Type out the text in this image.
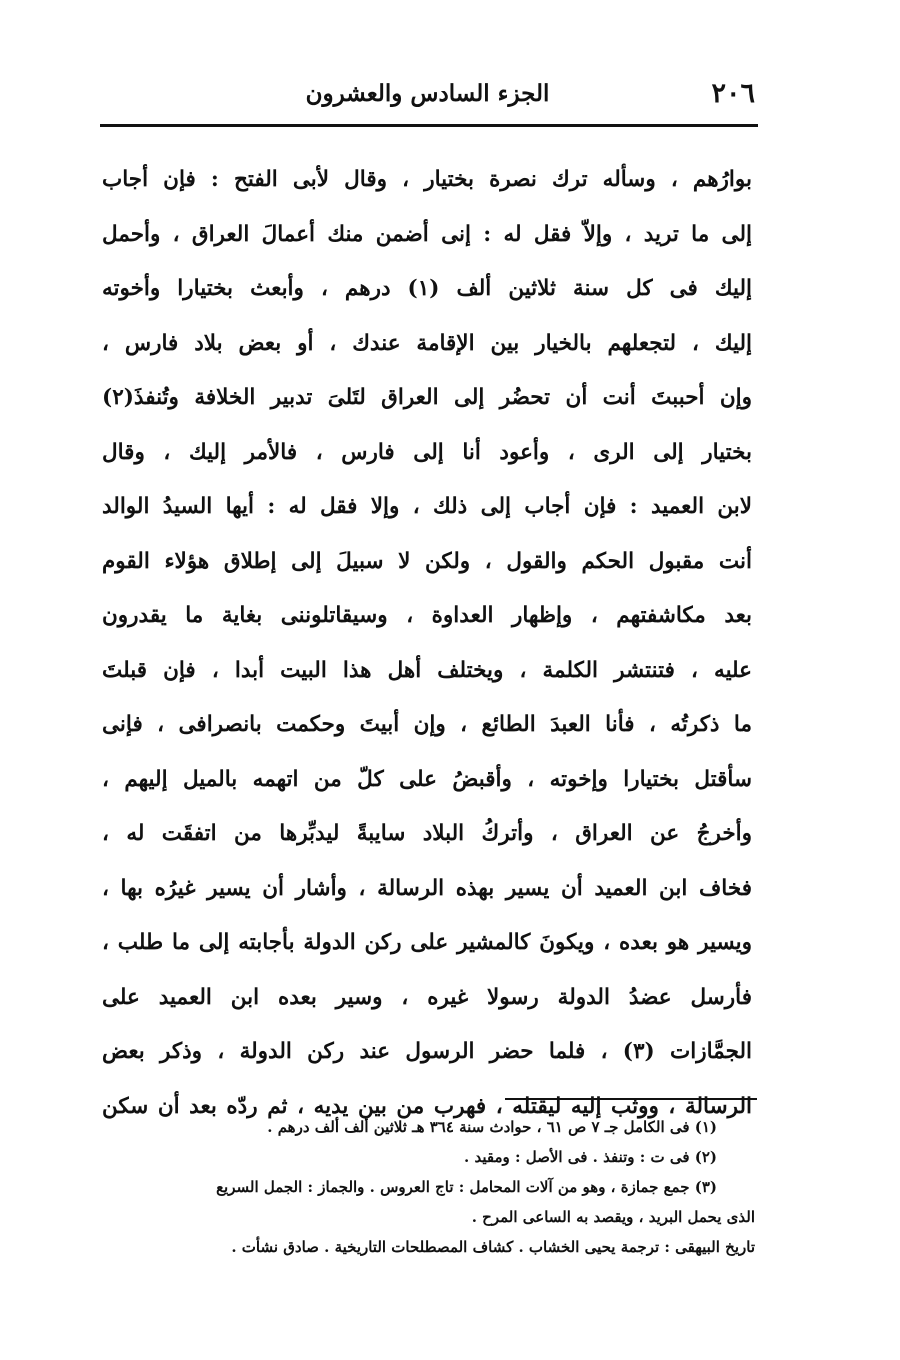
٢٠٦
الجزء السادس والعشرون
بوارُهم ، وسأله ترك نصرة بختيار ، وقال لأبى الفتح : فإن أجاب
إلى ما تريد ، وإلاّ فقل له : إنى أضمن منك أعمالَ العراق ، وأحمل
إليك فى كل سنة ثلاثين ألف (١) درهم ، وأبعث بختيارا وأخوته
إليك ، لتجعلهم بالخيار بين الإقامة عندك ، أو بعض بلاد فارس ،
وإن أحببتَ أنت أن تحضُر إلى العراق لتَلىَ تدبير الخلافة وتُنفذَ(٢)
بختيار إلى الرى ، وأعود أنا إلى فارس ، فالأمر إليك ، وقال
لابن العميد : فإن أجاب إلى ذلك ، وإلا فقل له : أيها السيدُ الوالد
أنت مقبول الحكم والقول ، ولكن لا سبيلَ إلى إطلاق هؤلاء القوم
بعد مكاشفتهم ، وإظهار العداوة ، وسيقاتلوننى بغاية ما يقدرون
عليه ، فتنتشر الكلمة ، ويختلف أهل هذا البيت أبدا ، فإن قبلتَ
ما ذكرتُه ، فأنا العبدَ الطائع ، وإن أبيتَ وحكمت بانصرافى ، فإنى
سأقتل بختيارا وإخوته ، وأقبضُ على كلّ من اتهمه بالميل إليهم ،
وأخرجُ عن العراق ، وأتركُ البلاد سايبةً ليدبِّرها من اتفقَت له ،
فخاف ابن العميد أن يسير بهذه الرسالة ، وأشار أن يسير غيرُه بها ،
ويسير هو بعده ، ويكونَ كالمشير على ركن الدولة بأجابته إلى ما طلب ،
فأرسل عضدُ الدولة رسولا غيره ، وسير بعده ابن العميد على
الجمَّازات (٣) ، فلما حضر الرسول عند ركن الدولة ، وذكر بعض
الرسالة ، ووثب إليه ليقتله ، فهرب من بين يديه ، ثم ردّه بعد أن سكن
(١) فى الكامل جـ ٧ ص ٦١ ، حوادث سنة ٣٦٤ هـ ثلاثين ألف ألف درهم .
(٢) فى ت : وتنفذ . فى الأصل : ومقيد .
(٣) جمع جمازة ، وهو من آلات المحامل : تاج العروس . والجماز : الجمل السريع
الذى يحمل البريد ، ويقصد به الساعى المرح .
تاريخ البيهقى : ترجمة يحيى الخشاب . كشاف المصطلحات التاريخية . صادق نشأت .
